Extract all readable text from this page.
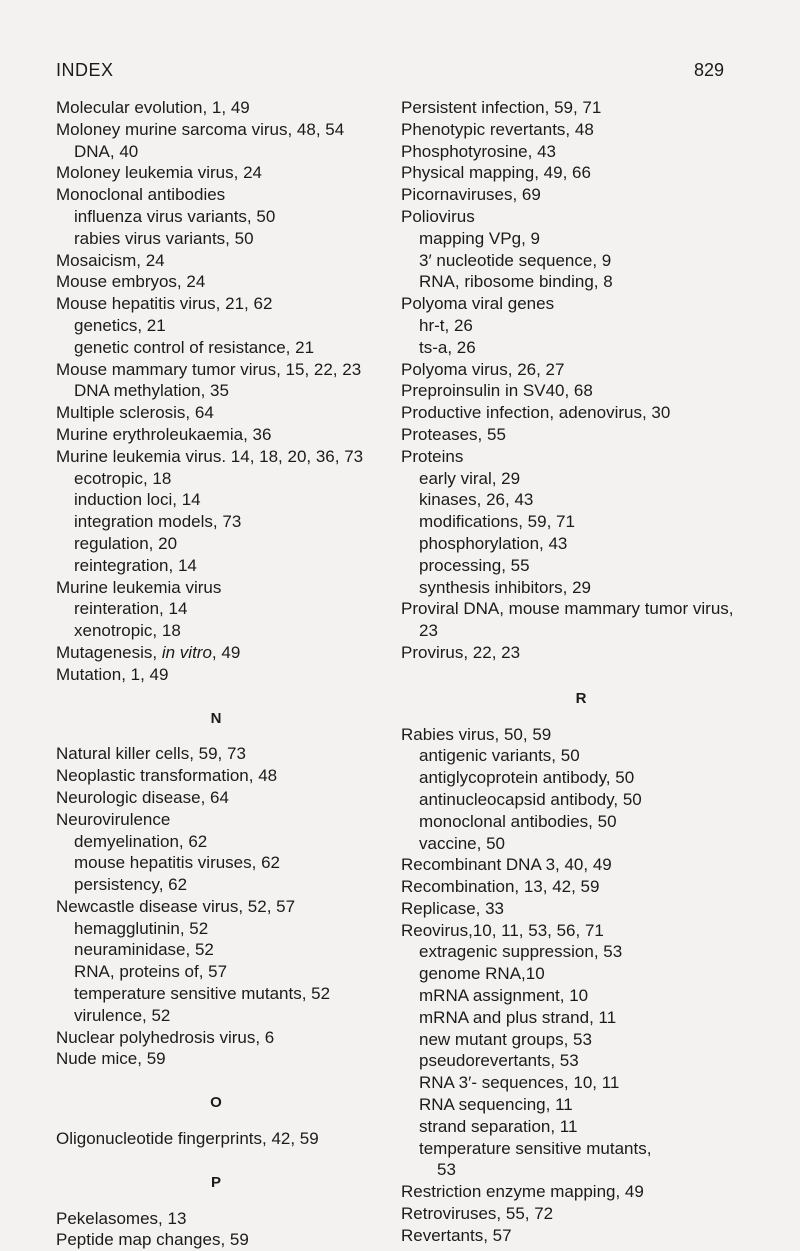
INDEX	829
Molecular evolution, 1, 49
Moloney murine sarcoma virus, 48, 54
DNA, 40
Moloney leukemia virus, 24
Monoclonal antibodies
influenza virus variants, 50
rabies virus variants, 50
Mosaicism, 24
Mouse embryos, 24
Mouse hepatitis virus, 21, 62
genetics, 21
genetic control of resistance, 21
Mouse mammary tumor virus, 15, 22, 23
DNA methylation, 35
Multiple sclerosis, 64
Murine erythroleukaemia, 36
Murine leukemia virus. 14, 18, 20, 36, 73
ecotropic, 18
induction loci, 14
integration models, 73
regulation, 20
reintegration, 14
Murine leukemia virus
reinteration, 14
xenotropic, 18
Mutagenesis, in vitro, 49
Mutation, 1, 49
N
Natural killer cells, 59, 73
Neoplastic transformation, 48
Neurologic disease, 64
Neurovirulence
demyelination, 62
mouse hepatitis viruses, 62
persistency, 62
Newcastle disease virus, 52, 57
hemagglutinin, 52
neuraminidase, 52
RNA, proteins of, 57
temperature sensitive mutants, 52
virulence, 52
Nuclear polyhedrosis virus, 6
Nude mice, 59
O
Oligonucleotide fingerprints, 42, 59
P
Pekelasomes, 13
Peptide map changes, 59
Persistent infection, 59, 71
Phenotypic revertants, 48
Phosphotyrosine, 43
Physical mapping, 49, 66
Picornaviruses, 69
Poliovirus
mapping VPg, 9
3′ nucleotide sequence, 9
RNA, ribosome binding, 8
Polyoma viral genes
hr-t, 26
ts-a, 26
Polyoma virus, 26, 27
Preproinsulin in SV40, 68
Productive infection, adenovirus, 30
Proteases, 55
Proteins
early viral, 29
kinases, 26, 43
modifications, 59, 71
phosphorylation, 43
processing, 55
synthesis inhibitors, 29
Proviral DNA, mouse mammary tumor virus,
23
Provirus, 22, 23
R
Rabies virus, 50, 59
antigenic variants, 50
antiglycoprotein antibody, 50
antinucleocapsid antibody, 50
monoclonal antibodies, 50
vaccine, 50
Recombinant DNA 3, 40, 49
Recombination, 13, 42, 59
Replicase, 33
Reovirus,10, 11, 53, 56, 71
extragenic suppression, 53
genome RNA,10
mRNA assignment, 10
mRNA and plus strand, 11
new mutant groups, 53
pseudorevertants, 53
RNA 3′- sequences, 10, 11
RNA sequencing, 11
strand separation, 11
temperature sensitive mutants,
53
Restriction enzyme mapping, 49
Retroviruses, 55, 72
Revertants, 57
